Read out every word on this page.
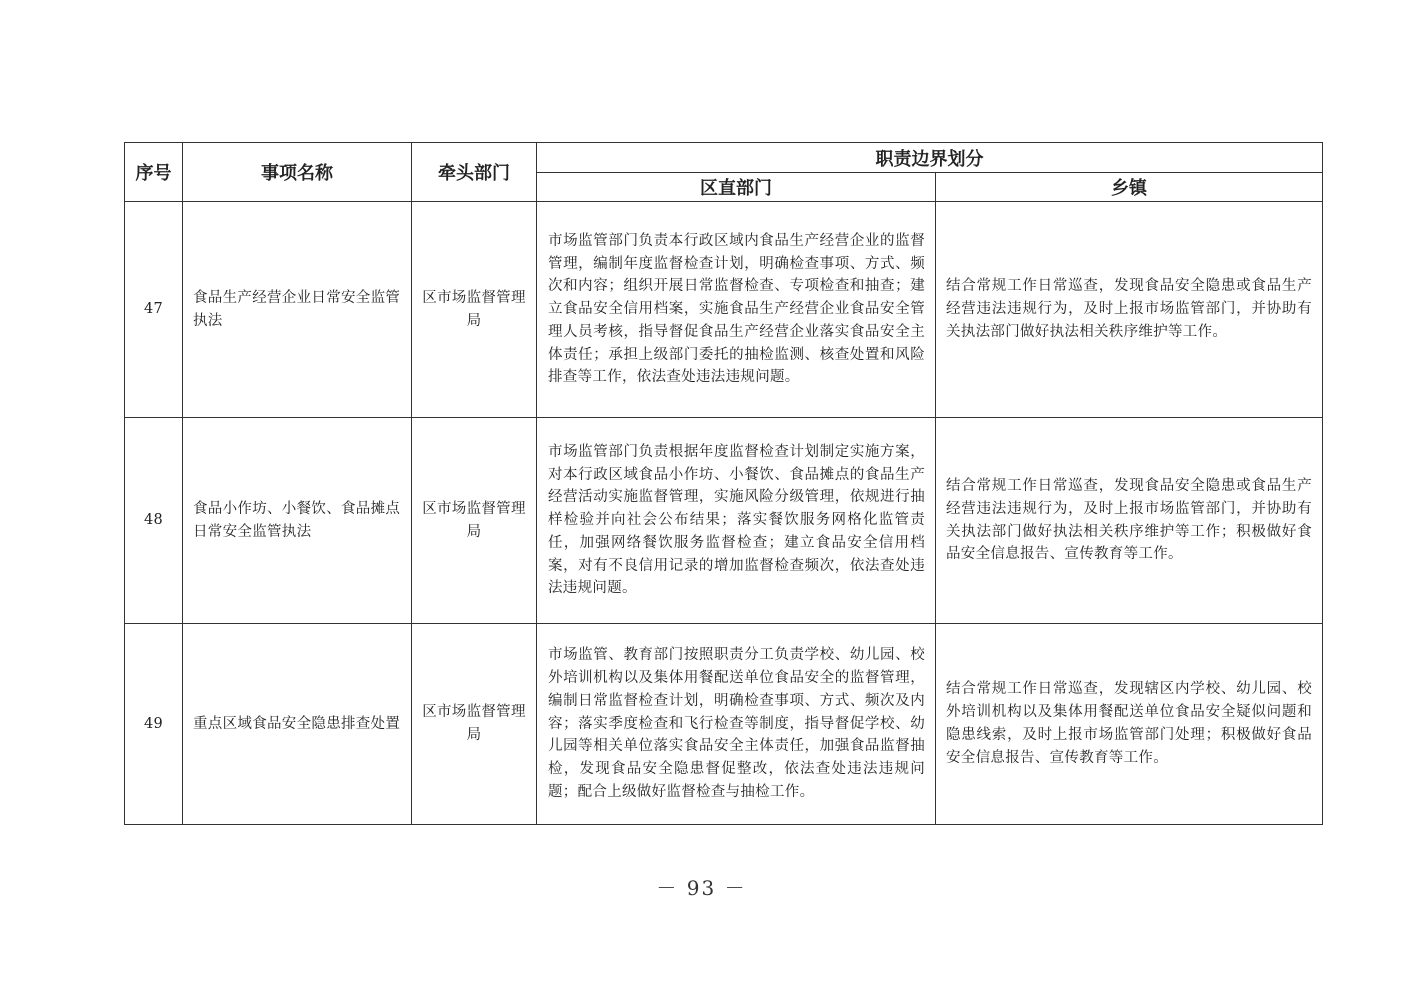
序号	事项名称	牵头部门	职责边界划分	
			区直部门	乡镇
47	食品生产经营企业日常安全监管执法	区市场监督管理局	市场监管部门负责本行政区域内食品生产经营企业的监督管理，编制年度监督检查计划，明确检查事项、方式、频次和内容；组织开展日常监督检查、专项检查和抽查；建立食品安全信用档案，实施食品生产经营企业食品安全管理人员考核，指导督促食品生产经营企业落实食品安全主体责任；承担上级部门委托的抽检监测、核查处置和风险排查等工作，依法查处违法违规问题。	结合常规工作日常巡查，发现食品安全隐患或食品生产经营违法违规行为，及时上报市场监管部门，并协助有关执法部门做好执法相关秩序维护等工作。
48	食品小作坊、小餐饮、食品摊点日常安全监管执法	区市场监督管理局	市场监管部门负责根据年度监督检查计划制定实施方案，对本行政区域食品小作坊、小餐饮、食品摊点的食品生产经营活动实施监督管理，实施风险分级管理，依规进行抽样检验并向社会公布结果；落实餐饮服务网格化监管责任，加强网络餐饮服务监督检查；建立食品安全信用档案，对有不良信用记录的增加监督检查频次，依法查处违法违规问题。	结合常规工作日常巡查，发现食品安全隐患或食品生产经营违法违规行为，及时上报市场监管部门，并协助有关执法部门做好执法相关秩序维护等工作；积极做好食品安全信息报告、宣传教育等工作。
49	重点区域食品安全隐患排查处置	区市场监督管理局	市场监管、教育部门按照职责分工负责学校、幼儿园、校外培训机构以及集体用餐配送单位食品安全的监督管理，编制日常监督检查计划，明确检查事项、方式、频次及内容；落实季度检查和飞行检查等制度，指导督促学校、幼儿园等相关单位落实食品安全主体责任，加强食品监督抽检，发现食品安全隐患督促整改，依法查处违法违规问题；配合上级做好监督检查与抽检工作。	结合常规工作日常巡查，发现辖区内学校、幼儿园、校外培训机构以及集体用餐配送单位食品安全疑似问题和隐患线索，及时上报市场监管部门处理；积极做好食品安全信息报告、宣传教育等工作。
－ 93 －
